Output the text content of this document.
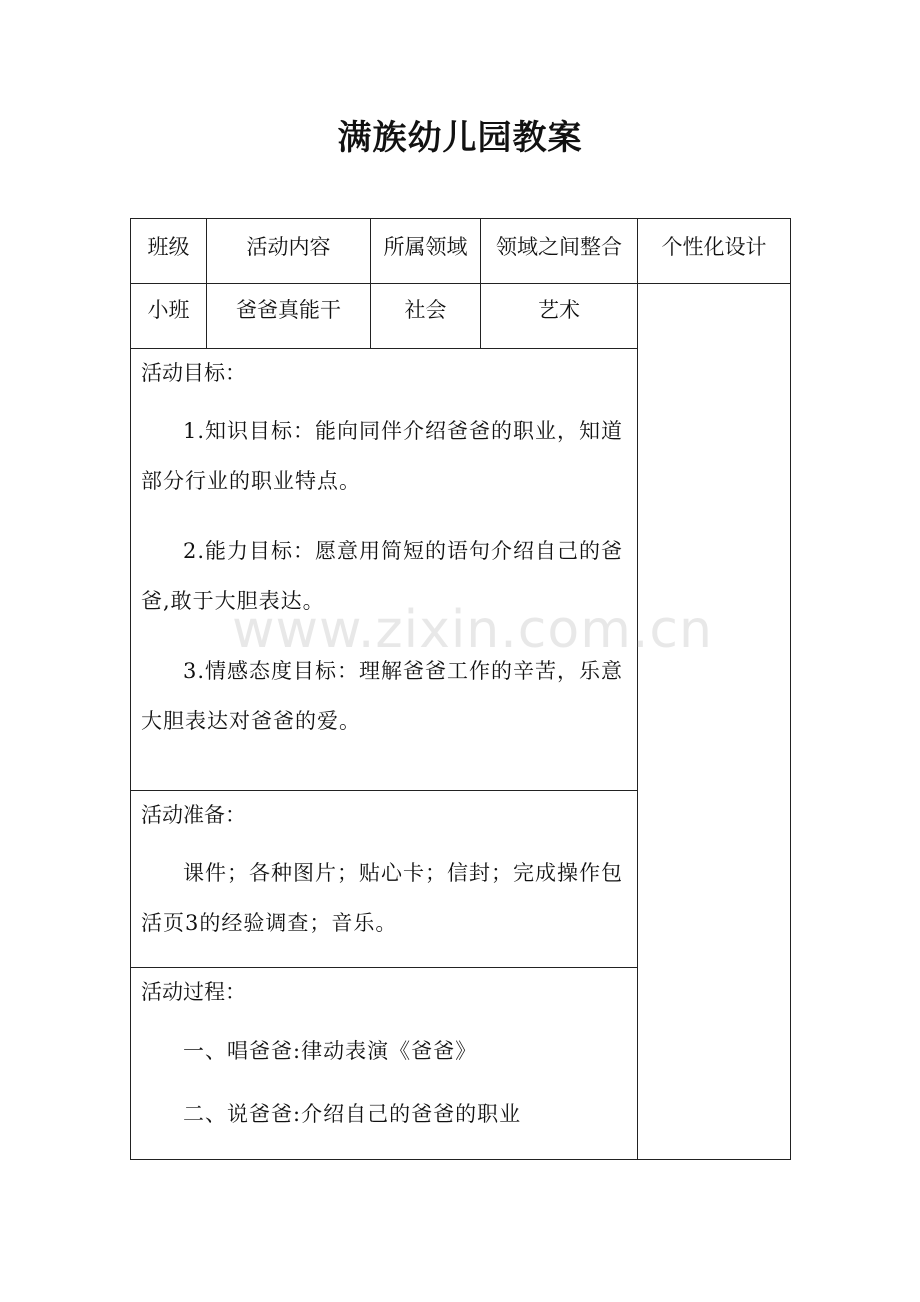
满族幼儿园教案
班级	活动内容	所属领域	领域之间整合	个性化设计
小班	爸爸真能干	社会	艺术	

活动目标：
1.知识目标：能向同伴介绍爸爸的职业，知道部分行业的职业特点。
2.能力目标：愿意用简短的语句介绍自己的爸爸,敢于大胆表达。
3.情感态度目标：理解爸爸工作的辛苦，乐意大胆表达对爸爸的爱。				

活动准备：
课件；各种图片；贴心卡；信封；完成操作包活页3的经验调查；音乐。				

活动过程：
一、唱爸爸:律动表演《爸爸》
二、说爸爸:介绍自己的爸爸的职业				
www.zixin.com.cn
